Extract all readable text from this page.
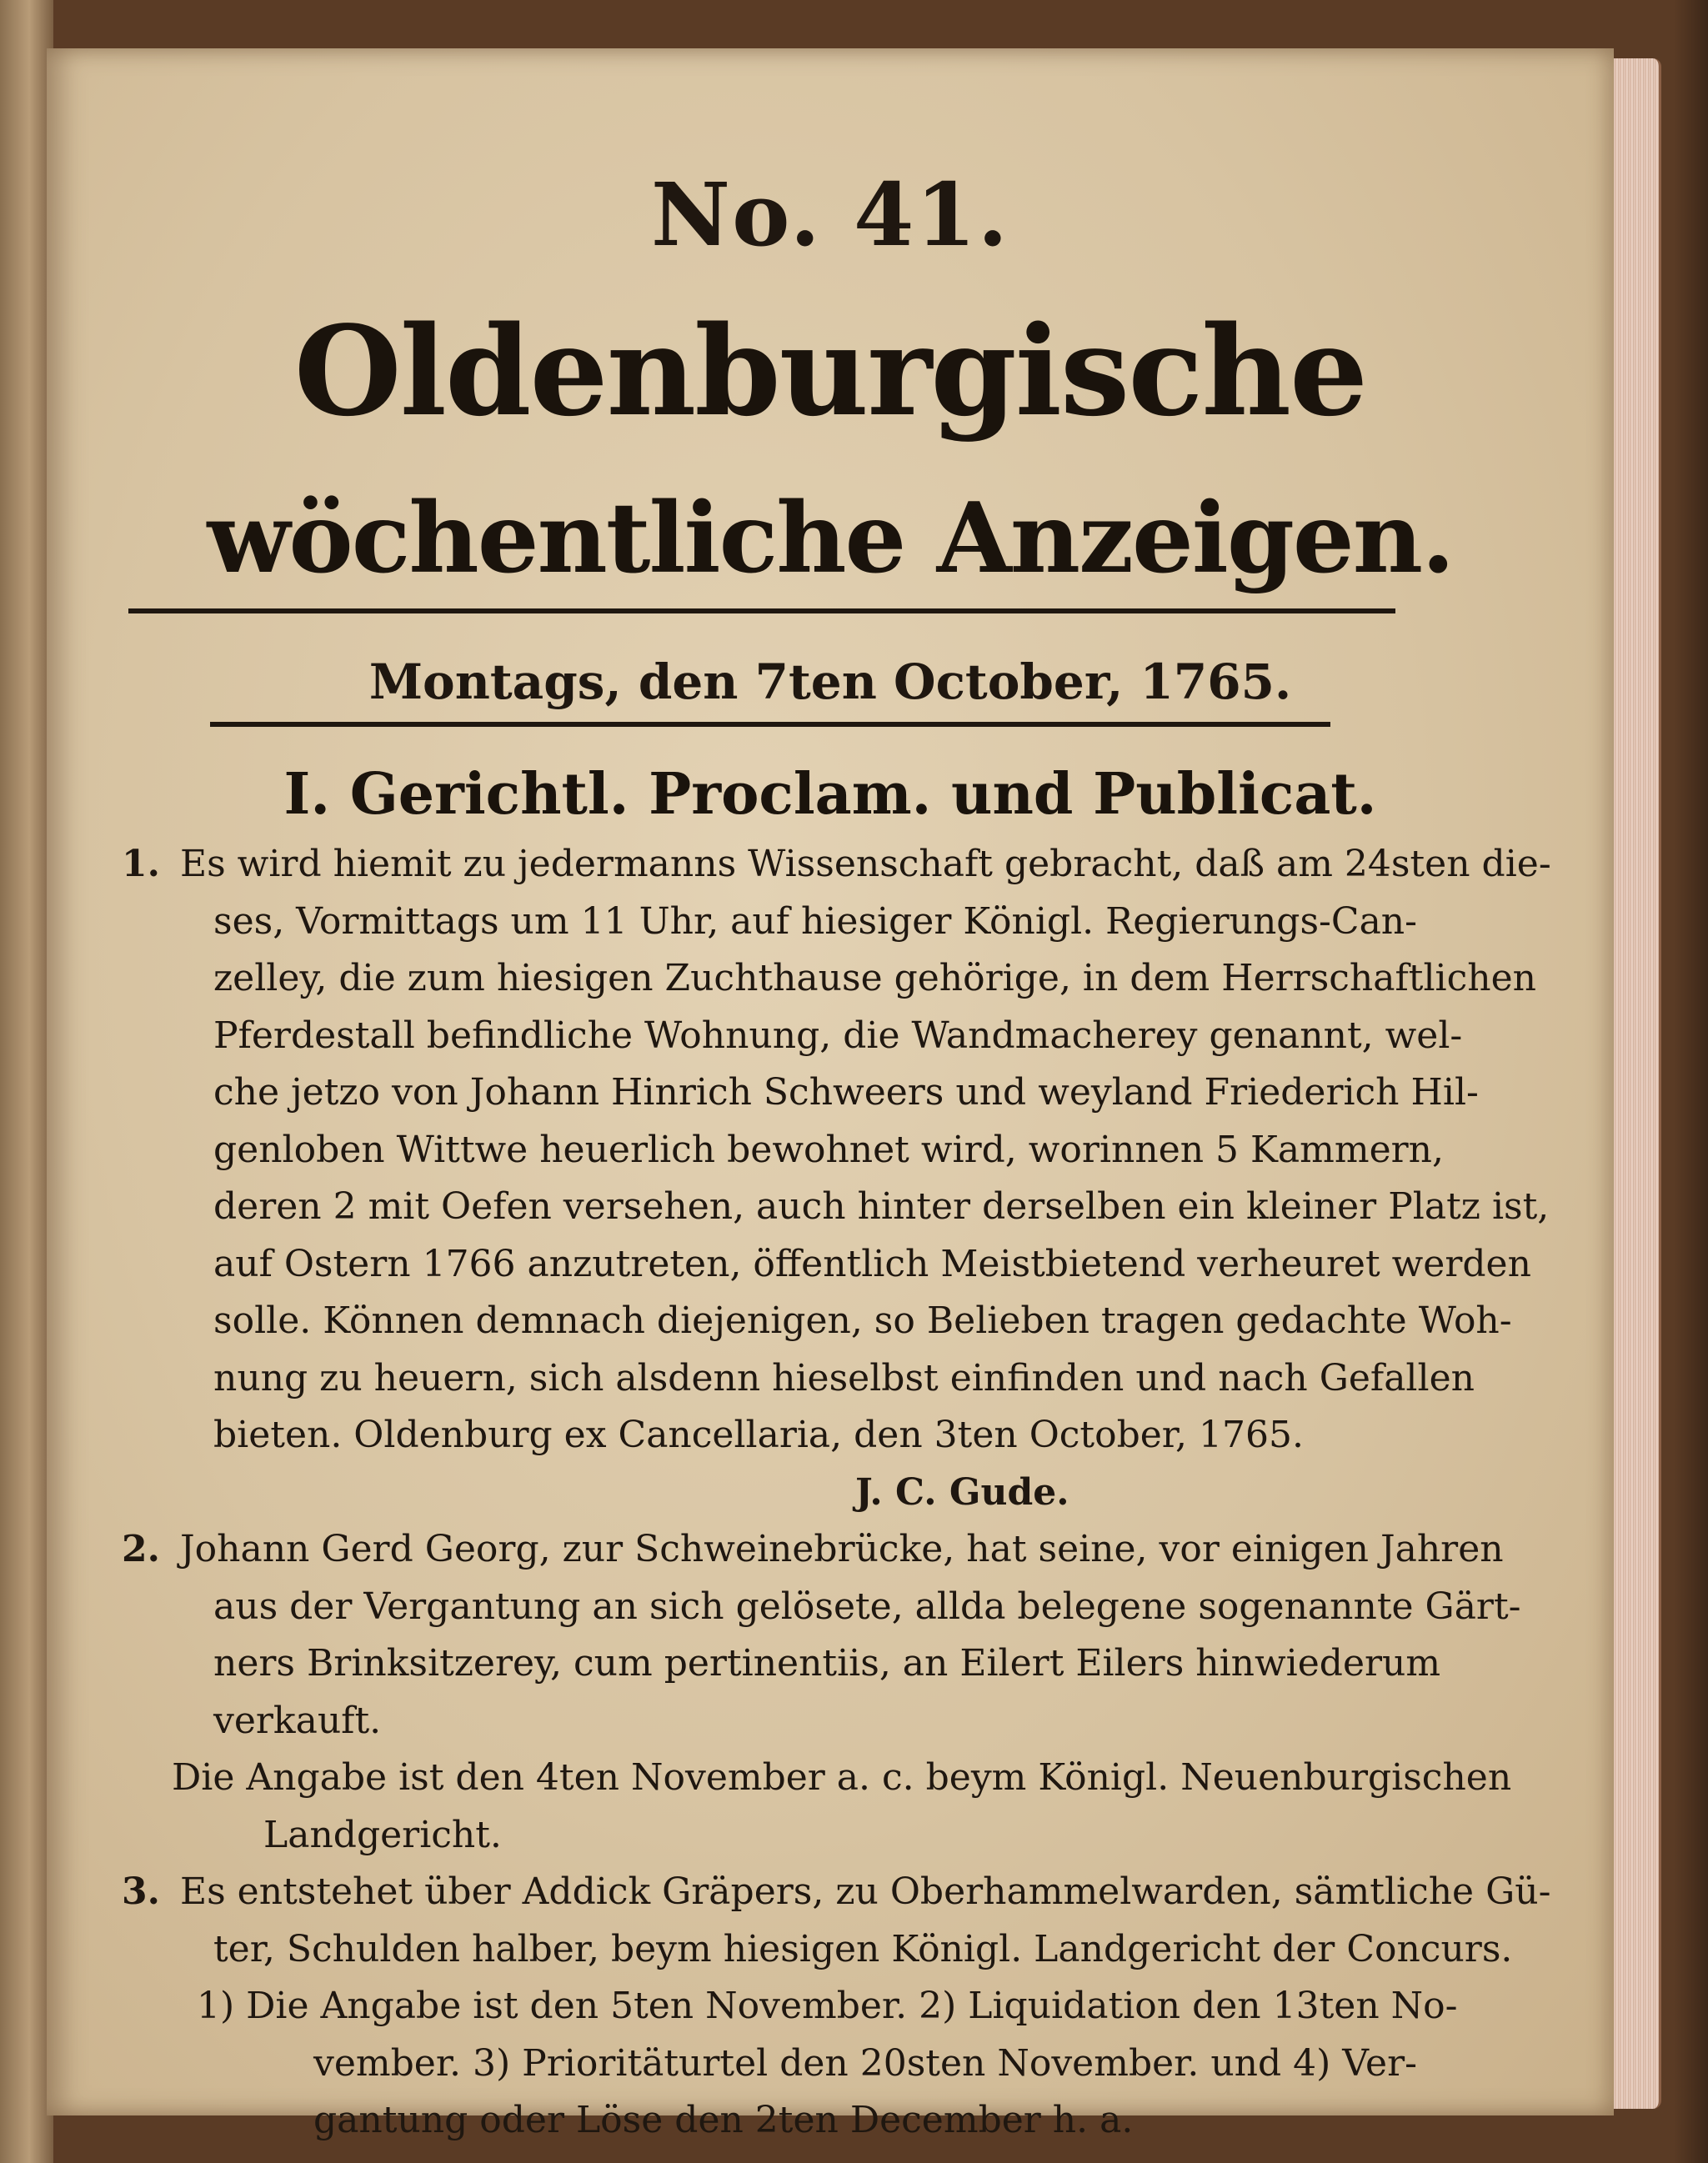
No. 41.
Oldenburgische
wöchentliche Anzeigen.
Montags, den 7ten October, 1765.
I. Gerichtl. Proclam. und Publicat.
1. Es wird hiemit zu jedermanns Wissenschaft gebracht, daß am 24sten die-
ses, Vormittags um 11 Uhr, auf hiesiger Königl. Regierungs-Can-
zelley, die zum hiesigen Zuchthause gehörige, in dem Herrschaftlichen
Pferdestall befindliche Wohnung, die Wandmacherey genannt, wel-
che jetzo von Johann Hinrich Schweers und weyland Friederich Hil-
genloben Wittwe heuerlich bewohnet wird, worinnen 5 Kammern,
deren 2 mit Oefen versehen, auch hinter derselben ein kleiner Platz ist,
auf Ostern 1766 anzutreten, öffentlich Meistbietend verheuret werden
solle. Können demnach diejenigen, so Belieben tragen gedachte Woh-
nung zu heuern, sich alsdenn hieselbst einfinden und nach Gefallen
bieten. Oldenburg ex Cancellaria, den 3ten October, 1765.
J. C. Gude.
2. Johann Gerd Georg, zur Schweinebrücke, hat seine, vor einigen Jahren
aus der Vergantung an sich gelösete, allda belegene sogenannte Gärt-
ners Brinksitzerey, cum pertinentiis, an Eilert Eilers hinwiederum
verkauft.
Die Angabe ist den 4ten November a. c. beym Königl. Neuenburgischen
Landgericht.
3. Es entstehet über Addick Gräpers, zu Oberhammelwarden, sämtliche Gü-
ter, Schulden halber, beym hiesigen Königl. Landgericht der Concurs.
1) Die Angabe ist den 5ten November. 2) Liquidation den 13ten No-
vember. 3) Prioritäturtel den 20sten November. und 4) Ver-
gantung oder Löse den 2ten December h. a.
